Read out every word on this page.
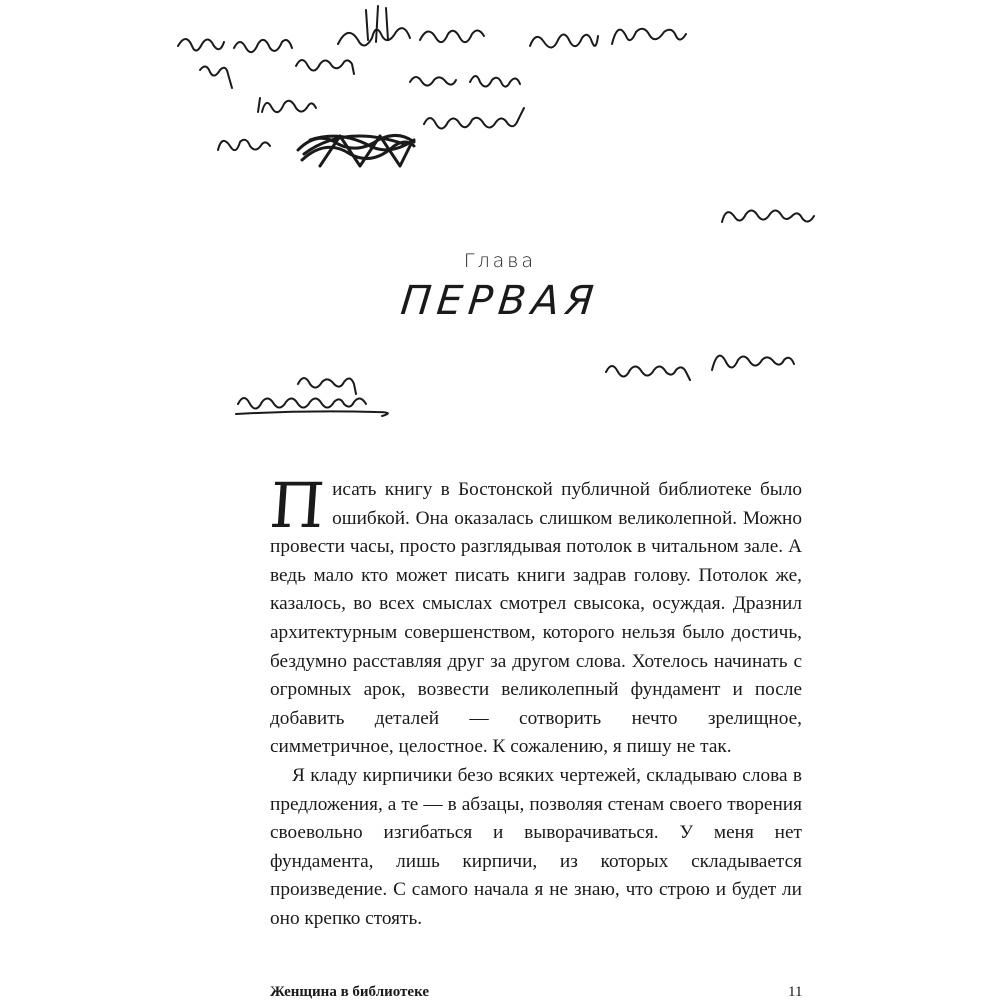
Глава
ПЕРВАЯ

Писать книгу в Бостонской публичной библиотеке было ошибкой. Она оказалась слишком великолепной. Можно провести часы, просто разглядывая потолок в читальном зале. А ведь мало кто может писать книги задрав голову. Потолок же, казалось, во всех смыслах смотрел свысока, осуждая. Дразнил архитектурным совершенством, которого нельзя было достичь, бездумно расставляя друг за другом слова. Хотелось начинать с огромных арок, возвести великолепный фундамент и после добавить деталей — сотворить нечто зрелищное, симметричное, целостное. К сожалению, я пишу не так.

Я кладу кирпичики безо всяких чертежей, складываю слова в предложения, а те — в абзацы, позволяя стенам своего творения своевольно изгибаться и выворачиваться. У меня нет фундамента, лишь кирпичи, из которых складывается произведение. С самого начала я не знаю, что строю и будет ли оно крепко стоять.

Женщина в библиотеке	11
